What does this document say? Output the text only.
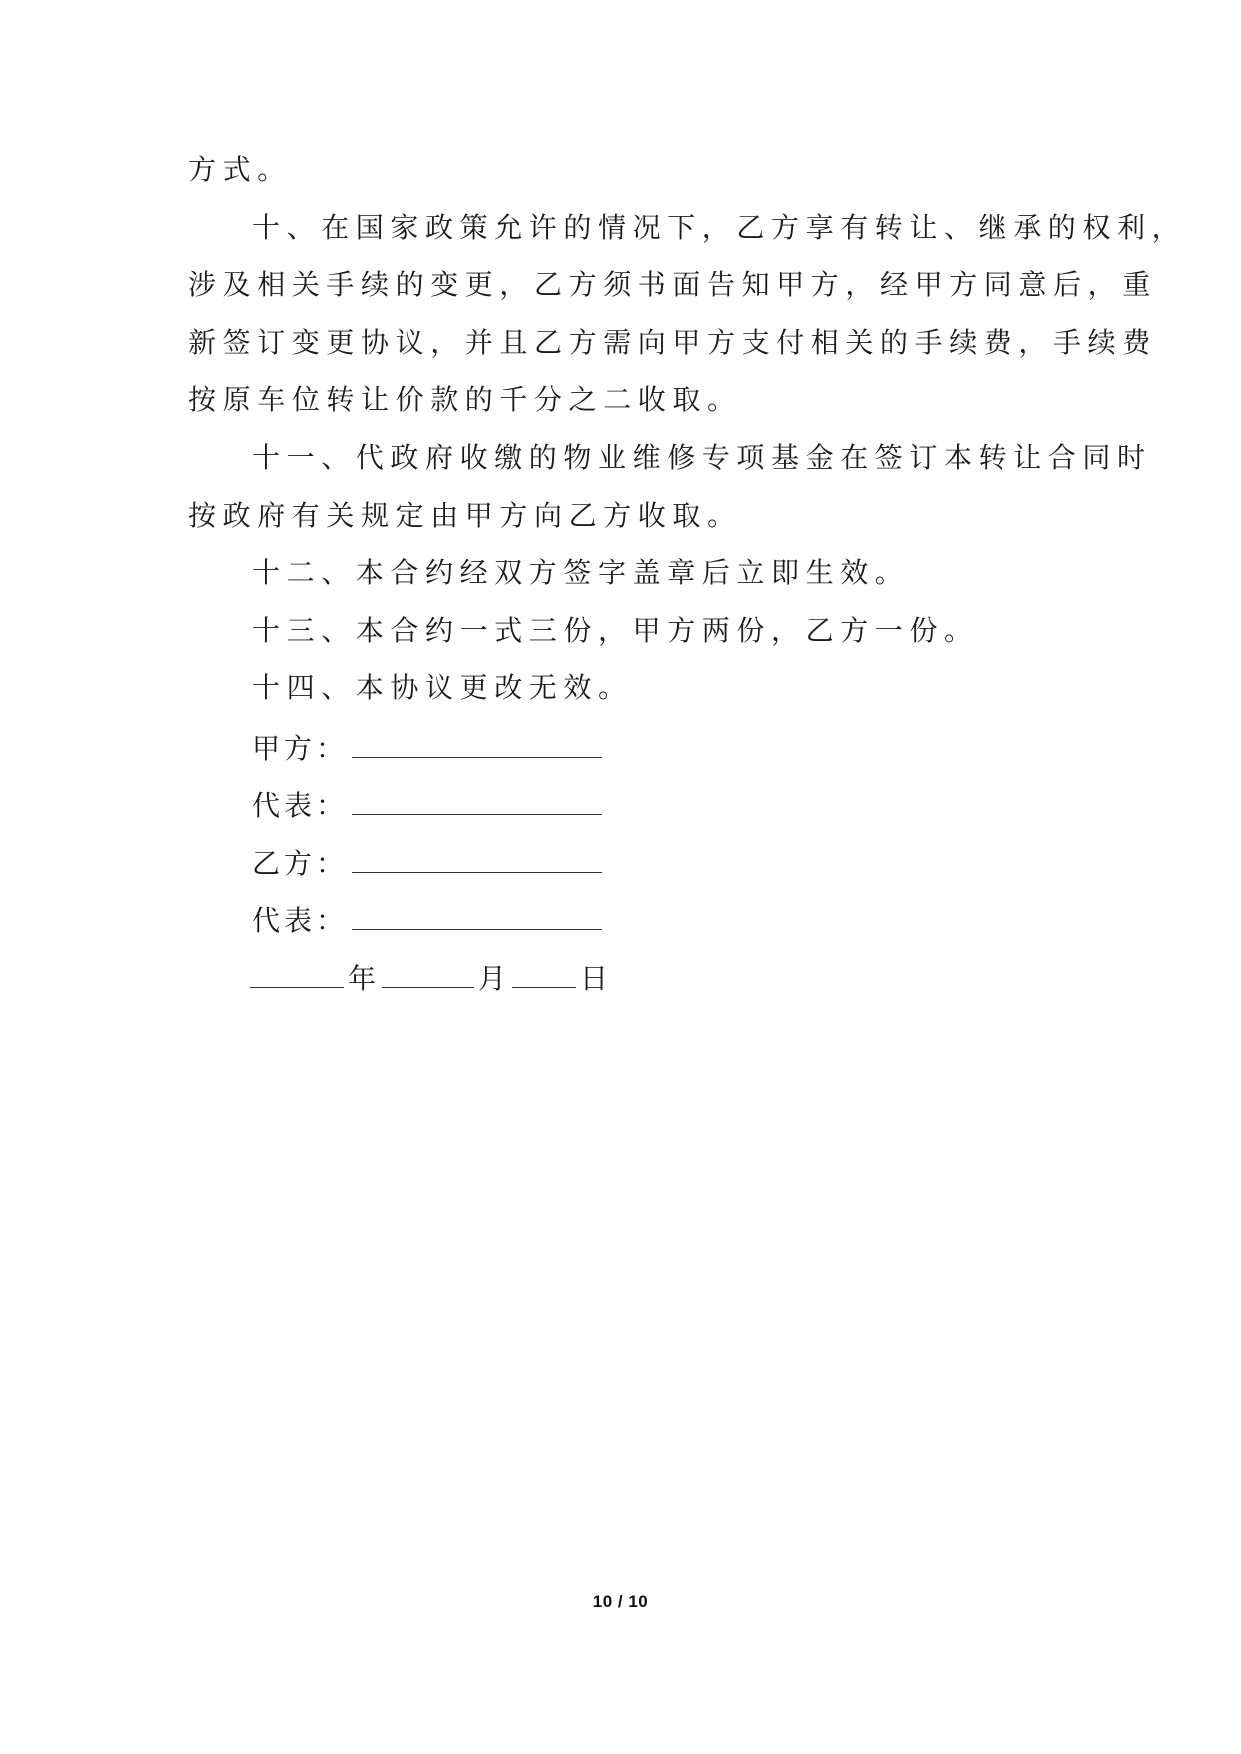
方式。
十、在国家政策允许的情况下，乙方享有转让、继承的权利，
涉及相关手续的变更，乙方须书面告知甲方，经甲方同意后，重
新签订变更协议，并且乙方需向甲方支付相关的手续费，手续费
按原车位转让价款的千分之二收取。
十一、代政府收缴的物业维修专项基金在签订本转让合同时
按政府有关规定由甲方向乙方收取。
十二、本合约经双方签字盖章后立即生效。
十三、本合约一式三份，甲方两份，乙方一份。
十四、本协议更改无效。
甲方：
代表：
乙方：
代表：
年	月	日
10 / 10
